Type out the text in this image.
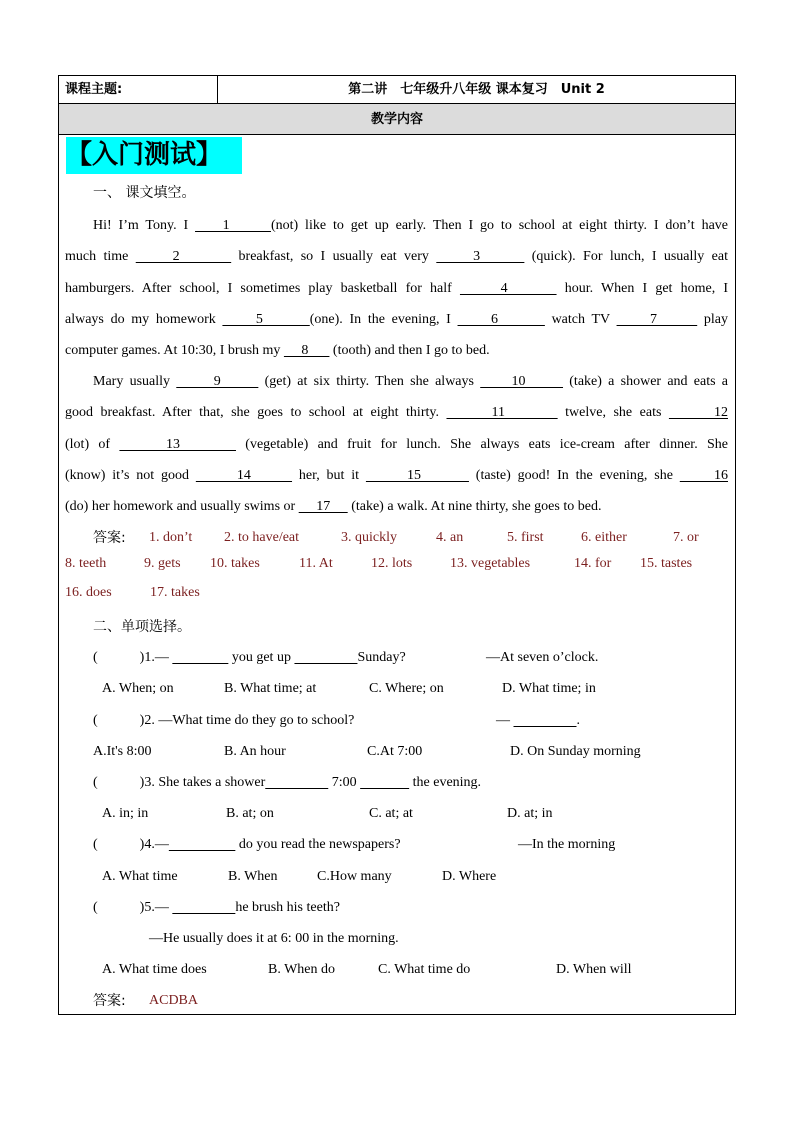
课程主题:	第二讲　七年级升八年级 课本复习　Unit 2
教学内容
【入门测试】
一、 课文填空。
Hi! I’m Tony. I     1      (not) like to get up early. Then I go to school at eight thirty. I don’t have
much time      2        breakfast, so I usually eat very      3       (quick). For lunch, I usually eat
hamburgers. After school, I sometimes play basketball for half      4       hour. When I get home, I
always do my homework      5       (one). In the evening, I      6        watch TV      7       play
computer games. At 10:30, I brush my      8       (tooth) and then I go to bed.
Mary usually       9       (get) at six thirty. Then she always      10       (take) a shower and eats a
good breakfast. After that, she goes to school at eight thirty.       11        twelve, she eats       12
(lot) of      13       (vegetable) and fruit for lunch. She always eats ice-cream after dinner. She
(know) it’s not good       14       her, but it       15        (taste) good! In the evening, she      16
(do) her homework and usually swims or      17      (take) a walk. At nine thirty, she goes to bed.
答案: 1. don’t 2. to have/eat	3. quickly	4. an	5. first	6. either	7. or
8. teeth	9. gets 10. takes	11. At	12. lots	13. vegetables	14. for 15. tastes
16. does	17. takes
二、单项选择。
(	)1.—	you get up	Sunday?	—At seven o’clock.
A. When; on	B. What time; at	C. Where; on	D. What time; in
(	)2. —What time do they go to school?	—	.
A.It's 8:00	B. An hour	C.At 7:00	D. On Sunday morning
(	)3. She takes a shower	7:00	the evening.
A. in; in	B. at; on	C. at; at	D. at; in
(	)4.—	do you read the newspapers?	—In the morning
A. What time	B. When	C.How many	D. Where
(	)5.—	he brush his teeth?
—He usually does it at 6: 00 in the morning.
A. What time does	B. When do	C. What time do	D. When will
答案: ACDBA
